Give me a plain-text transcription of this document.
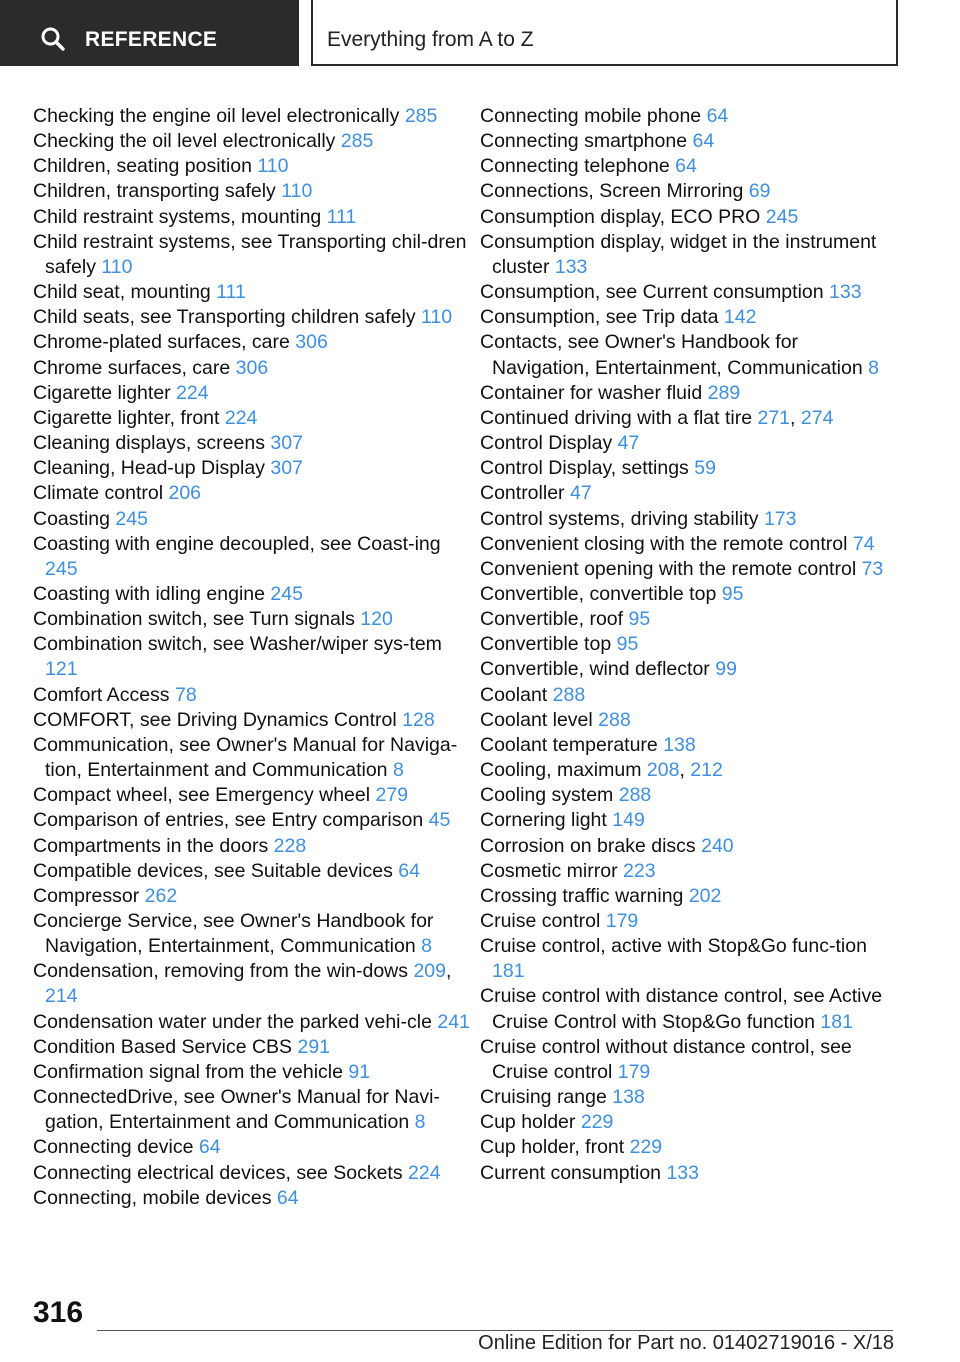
REFERENCE	Everything from A to Z
Checking the engine oil level electronically 285
Checking the oil level electronically 285
Children, seating position 110
Children, transporting safely 110
Child restraint systems, mounting 111
Child restraint systems, see Transporting chil-dren safely 110
Child seat, mounting 111
Child seats, see Transporting children safely 110
Chrome-plated surfaces, care 306
Chrome surfaces, care 306
Cigarette lighter 224
Cigarette lighter, front 224
Cleaning displays, screens 307
Cleaning, Head-up Display 307
Climate control 206
Coasting 245
Coasting with engine decoupled, see Coast-ing 245
Coasting with idling engine 245
Combination switch, see Turn signals 120
Combination switch, see Washer/wiper sys-tem 121
Comfort Access 78
COMFORT, see Driving Dynamics Control 128
Communication, see Owner's Manual for Naviga-tion, Entertainment and Communication 8
Compact wheel, see Emergency wheel 279
Comparison of entries, see Entry comparison 45
Compartments in the doors 228
Compatible devices, see Suitable devices 64
Compressor 262
Concierge Service, see Owner's Handbook for Navigation, Entertainment, Communication 8
Condensation, removing from the win-dows 209, 214
Condensation water under the parked vehi-cle 241
Condition Based Service CBS 291
Confirmation signal from the vehicle 91
ConnectedDrive, see Owner's Manual for Navi-gation, Entertainment and Communication 8
Connecting device 64
Connecting electrical devices, see Sockets 224
Connecting, mobile devices 64
Connecting mobile phone 64
Connecting smartphone 64
Connecting telephone 64
Connections, Screen Mirroring 69
Consumption display, ECO PRO 245
Consumption display, widget in the instrument cluster 133
Consumption, see Current consumption 133
Consumption, see Trip data 142
Contacts, see Owner's Handbook for Navigation, Entertainment, Communication 8
Container for washer fluid 289
Continued driving with a flat tire 271, 274
Control Display 47
Control Display, settings 59
Controller 47
Control systems, driving stability 173
Convenient closing with the remote control 74
Convenient opening with the remote control 73
Convertible, convertible top 95
Convertible, roof 95
Convertible top 95
Convertible, wind deflector 99
Coolant 288
Coolant level 288
Coolant temperature 138
Cooling, maximum 208, 212
Cooling system 288
Cornering light 149
Corrosion on brake discs 240
Cosmetic mirror 223
Crossing traffic warning 202
Cruise control 179
Cruise control, active with Stop&Go func-tion 181
Cruise control with distance control, see Active Cruise Control with Stop&Go function 181
Cruise control without distance control, see Cruise control 179
Cruising range 138
Cup holder 229
Cup holder, front 229
Current consumption 133
316
Online Edition for Part no. 01402719016 - X/18
